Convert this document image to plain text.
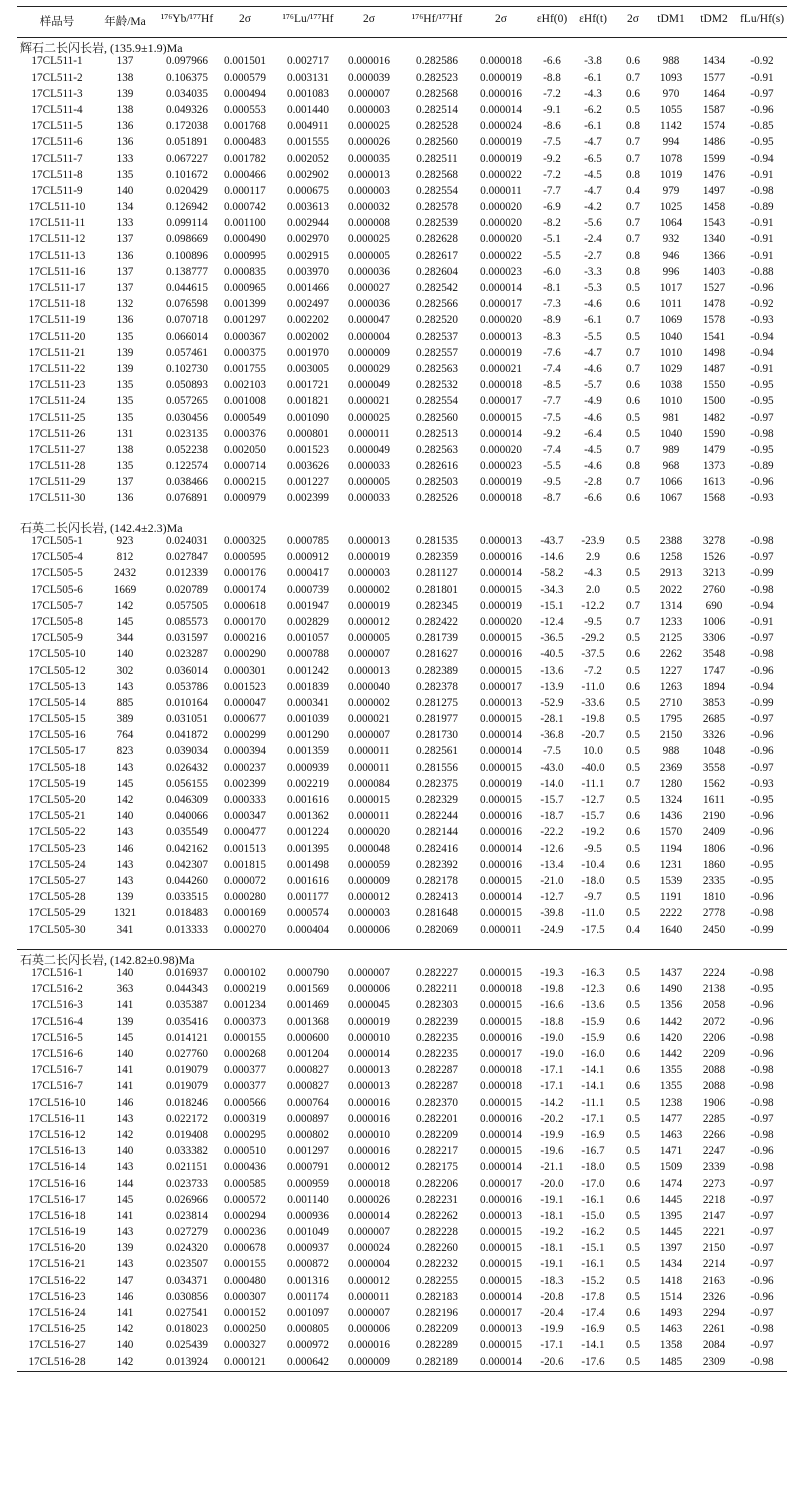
样品号	年龄/Ma ¹⁷⁶Yb/¹⁷⁷Hf 2σ	¹⁷⁶Lu/¹⁷⁷Hf	2σ	¹⁷⁶Hf/¹⁷⁷Hf	2σ	εHf(0) εHf(t) 2σ tDM1 tDM2 fLu/Hf(s)
辉石二长闪长岩, (135.9±1.9)Ma
17CL511-1	137	0.097966 0.001501 0.002717 0.000016 0.282586 0.000018 -6.6 -3.8 0.6 988 1434 -0.92
17CL511-2	138	0.106375 0.000579 0.003131 0.000039 0.282523 0.000019 -8.8 -6.1 0.7 1093 1577 -0.91
17CL511-3	139	0.034035 0.000494 0.001083 0.000007 0.282568 0.000016 -7.2 -4.3 0.6 970 1464 -0.97
17CL511-4	138	0.049326 0.000553 0.001440 0.000003 0.282514 0.000014 -9.1 -6.2 0.5 1055 1587 -0.96
17CL511-5	136	0.172038 0.001768 0.004911 0.000025 0.282528 0.000024 -8.6 -6.1 0.8 1142 1574 -0.85
17CL511-6	136	0.051891 0.000483 0.001555 0.000026 0.282560 0.000019 -7.5 -4.7 0.7 994 1486 -0.95
17CL511-7	133	0.067227 0.001782 0.002052 0.000035 0.282511 0.000019 -9.2 -6.5 0.7 1078 1599 -0.94
17CL511-8	135	0.101672 0.000466 0.002902 0.000013 0.282568 0.000022 -7.2 -4.5 0.8 1019 1476 -0.91
17CL511-9	140	0.020429 0.000117 0.000675 0.000003 0.282554 0.000011 -7.7 -4.7 0.4 979 1497 -0.98
17CL511-10	134	0.126942 0.000742 0.003613 0.000032 0.282578 0.000020 -6.9 -4.2 0.7 1025 1458 -0.89
17CL511-11	133	0.099114 0.001100 0.002944 0.000008 0.282539 0.000020 -8.2 -5.6 0.7 1064 1543 -0.91
17CL511-12	137	0.098669 0.000490 0.002970 0.000025 0.282628 0.000020 -5.1 -2.4 0.7 932 1340 -0.91
17CL511-13	136	0.100896 0.000995 0.002915 0.000005 0.282617 0.000022 -5.5 -2.7 0.8 946 1366 -0.91
17CL511-16	137	0.138777 0.000835 0.003970 0.000036 0.282604 0.000023 -6.0 -3.3 0.8 996 1403 -0.88
17CL511-17	137	0.044615 0.000965 0.001466 0.000027 0.282542 0.000014 -8.1 -5.3 0.5 1017 1527 -0.96
17CL511-18	132	0.076598 0.001399 0.002497 0.000036 0.282566 0.000017 -7.3 -4.6 0.6 1011 1478 -0.92
17CL511-19	136	0.070718 0.001297 0.002202 0.000047 0.282520 0.000020 -8.9 -6.1 0.7 1069 1578 -0.93
17CL511-20	135	0.066014 0.000367 0.002002 0.000004 0.282537 0.000013 -8.3 -5.5 0.5 1040 1541 -0.94
17CL511-21	139	0.057461 0.000375 0.001970 0.000009 0.282557 0.000019 -7.6 -4.7 0.7 1010 1498 -0.94
17CL511-22	139	0.102730 0.001755 0.003005 0.000029 0.282563 0.000021 -7.4 -4.6 0.7 1029 1487 -0.91
17CL511-23	135	0.050893 0.002103 0.001721 0.000049 0.282532 0.000018 -8.5 -5.7 0.6 1038 1550 -0.95
17CL511-24	135	0.057265 0.001008 0.001821 0.000021 0.282554 0.000017 -7.7 -4.9 0.6 1010 1500 -0.95
17CL511-25	135	0.030456 0.000549 0.001090 0.000025 0.282560 0.000015 -7.5 -4.6 0.5 981 1482 -0.97
17CL511-26	131	0.023135 0.000376 0.000801 0.000011 0.282513 0.000014 -9.2 -6.4 0.5 1040 1590 -0.98
17CL511-27	138	0.052238 0.002050 0.001523 0.000049 0.282563 0.000020 -7.4 -4.5 0.7 989 1479 -0.95
17CL511-28	135	0.122574 0.000714 0.003626 0.000033 0.282616 0.000023 -5.5 -4.6 0.8 968 1373 -0.89
17CL511-29	137	0.038466 0.000215 0.001227 0.000005 0.282503 0.000019 -9.5 -2.8 0.7 1066 1613 -0.96
17CL511-30	136	0.076891 0.000979 0.002399 0.000033 0.282526 0.000018 -8.7 -6.6 0.6 1067 1568 -0.93
石英二长闪长岩, (142.4±2.3)Ma
17CL505-1	923	0.024031 0.000325 0.000785 0.000013 0.281535 0.000013 -43.7 -23.9 0.5 2388 3278 -0.98
17CL505-4	812	0.027847 0.000595 0.000912 0.000019 0.282359 0.000016 -14.6 2.9 0.6 1258 1526 -0.97
17CL505-5	2432	0.012339 0.000176 0.000417 0.000003 0.281127 0.000014 -58.2 -4.3 0.5 2913 3213 -0.99
17CL505-6	1669	0.020789 0.000174 0.000739 0.000002 0.281801 0.000015 -34.3 2.0 0.5 2022 2760 -0.98
17CL505-7	142	0.057505 0.000618 0.001947 0.000019 0.282345 0.000019 -15.1 -12.2 0.7 1314 690 -0.94
17CL505-8	145	0.085573 0.000170 0.002829 0.000012 0.282422 0.000020 -12.4 -9.5 0.7 1233 1006 -0.91
17CL505-9	344	0.031597 0.000216 0.001057 0.000005 0.281739 0.000015 -36.5 -29.2 0.5 2125 3306 -0.97
17CL505-10	140	0.023287 0.000290 0.000788 0.000007 0.281627 0.000016 -40.5 -37.5 0.6 2262 3548 -0.98
17CL505-12	302	0.036014 0.000301 0.001242 0.000013 0.282389 0.000015 -13.6 -7.2 0.5 1227 1747 -0.96
17CL505-13	143	0.053786 0.001523 0.001839 0.000040 0.282378 0.000017 -13.9 -11.0 0.6 1263 1894 -0.94
17CL505-14	885	0.010164 0.000047 0.000341 0.000002 0.281275 0.000013 -52.9 -33.6 0.5 2710 3853 -0.99
17CL505-15	389	0.031051 0.000677 0.001039 0.000021 0.281977 0.000015 -28.1 -19.8 0.5 1795 2685 -0.97
17CL505-16	764	0.041872 0.000299 0.001290 0.000007 0.281730 0.000014 -36.8 -20.7 0.5 2150 3326 -0.96
17CL505-17	823	0.039034 0.000394 0.001359 0.000011 0.282561 0.000014 -7.5 10.0 0.5 988 1048 -0.96
17CL505-18	143	0.026432 0.000237 0.000939 0.000011 0.281556 0.000015 -43.0 -40.0 0.5 2369 3558 -0.97
17CL505-19	145	0.056155 0.002399 0.002219 0.000084 0.282375 0.000019 -14.0 -11.1 0.7 1280 1562 -0.93
17CL505-20	142	0.046309 0.000333 0.001616 0.000015 0.282329 0.000015 -15.7 -12.7 0.5 1324 1611 -0.95
17CL505-21	140	0.040066 0.000347 0.001362 0.000011 0.282244 0.000016 -18.7 -15.7 0.6 1436 2190 -0.96
17CL505-22	143	0.035549 0.000477 0.001224 0.000020 0.282144 0.000016 -22.2 -19.2 0.6 1570 2409 -0.96
17CL505-23	146	0.042162 0.001513 0.001395 0.000048 0.282416 0.000014 -12.6 -9.5 0.5 1194 1806 -0.96
17CL505-24	143	0.042307 0.001815 0.001498 0.000059 0.282392 0.000016 -13.4 -10.4 0.6 1231 1860 -0.95
17CL505-27	143	0.044260 0.000072 0.001616 0.000009 0.282178 0.000015 -21.0 -18.0 0.5 1539 2335 -0.95
17CL505-28	139	0.033515 0.000280 0.001177 0.000012 0.282413 0.000014 -12.7 -9.7 0.5 1191 1810 -0.96
17CL505-29	1321	0.018483 0.000169 0.000574 0.000003 0.281648 0.000015 -39.8 -11.0 0.5 2222 2778 -0.98
17CL505-30	341	0.013333 0.000270 0.000404 0.000006 0.282069 0.000011 -24.9 -17.5 0.4 1640 2450 -0.99
石英二长闪长岩, (142.82±0.98)Ma
17CL516-1	140	0.016937 0.000102 0.000790 0.000007 0.282227 0.000015 -19.3 -16.3 0.5 1437 2224 -0.98
17CL516-2	363	0.044343 0.000219 0.001569 0.000006 0.282211 0.000018 -19.8 -12.3 0.6 1490 2138 -0.95
17CL516-3	141	0.035387 0.001234 0.001469 0.000045 0.282303 0.000015 -16.6 -13.6 0.5 1356 2058 -0.96
17CL516-4	139	0.035416 0.000373 0.001368 0.000019 0.282239 0.000015 -18.8 -15.9 0.6 1442 2072 -0.96
17CL516-5	145	0.014121 0.000155 0.000600 0.000010 0.282235 0.000016 -19.0 -15.9 0.6 1420 2206 -0.98
17CL516-6	140	0.027760 0.000268 0.001204 0.000014 0.282235 0.000017 -19.0 -16.0 0.6 1442 2209 -0.96
17CL516-7	141	0.019079 0.000377 0.000827 0.000013 0.282287 0.000018 -17.1 -14.1 0.6 1355 2088 -0.98
17CL516-7	141	0.019079 0.000377 0.000827 0.000013 0.282287 0.000018 -17.1 -14.1 0.6 1355 2088 -0.98
17CL516-10	146	0.018246 0.000566 0.000764 0.000016 0.282370 0.000015 -14.2 -11.1 0.5 1238 1906 -0.98
17CL516-11	143	0.022172 0.000319 0.000897 0.000016 0.282201 0.000016 -20.2 -17.1 0.5 1477 2285 -0.97
17CL516-12	142	0.019408 0.000295 0.000802 0.000010 0.282209 0.000014 -19.9 -16.9 0.5 1463 2266 -0.98
17CL516-13	140	0.033382 0.000510 0.001297 0.000016 0.282217 0.000015 -19.6 -16.7 0.5 1471 2247 -0.96
17CL516-14	143	0.021151 0.000436 0.000791 0.000012 0.282175 0.000014 -21.1 -18.0 0.5 1509 2339 -0.98
17CL516-16	144	0.023733 0.000585 0.000959 0.000018 0.282206 0.000017 -20.0 -17.0 0.6 1474 2273 -0.97
17CL516-17	145	0.026966 0.000572 0.001140 0.000026 0.282231 0.000016 -19.1 -16.1 0.6 1445 2218 -0.97
17CL516-18	141	0.023814 0.000294 0.000936 0.000014 0.282262 0.000013 -18.1 -15.0 0.5 1395 2147 -0.97
17CL516-19	143	0.027279 0.000236 0.001049 0.000007 0.282228 0.000015 -19.2 -16.2 0.5 1445 2221 -0.97
17CL516-20	139	0.024320 0.000678 0.000937 0.000024 0.282260 0.000015 -18.1 -15.1 0.5 1397 2150 -0.97
17CL516-21	143	0.023507 0.000155 0.000872 0.000004 0.282232 0.000015 -19.1 -16.1 0.5 1434 2214 -0.97
17CL516-22	147	0.034371 0.000480 0.001316 0.000012 0.282255 0.000015 -18.3 -15.2 0.5 1418 2163 -0.96
17CL516-23	146	0.030856 0.000307 0.001174 0.000011 0.282183 0.000014 -20.8 -17.8 0.5 1514 2326 -0.96
17CL516-24	141	0.027541 0.000152 0.001097 0.000007 0.282196 0.000017 -20.4 -17.4 0.6 1493 2294 -0.97
17CL516-25	142	0.018023 0.000250 0.000805 0.000006 0.282209 0.000013 -19.9 -16.9 0.5 1463 2261 -0.98
17CL516-27	140	0.025439 0.000327 0.000972 0.000016 0.282289 0.000015 -17.1 -14.1 0.5 1358 2084 -0.97
17CL516-28	142	0.013924 0.000121 0.000642 0.000009 0.282189 0.000014 -20.6 -17.6 0.5 1485 2309 -0.98
